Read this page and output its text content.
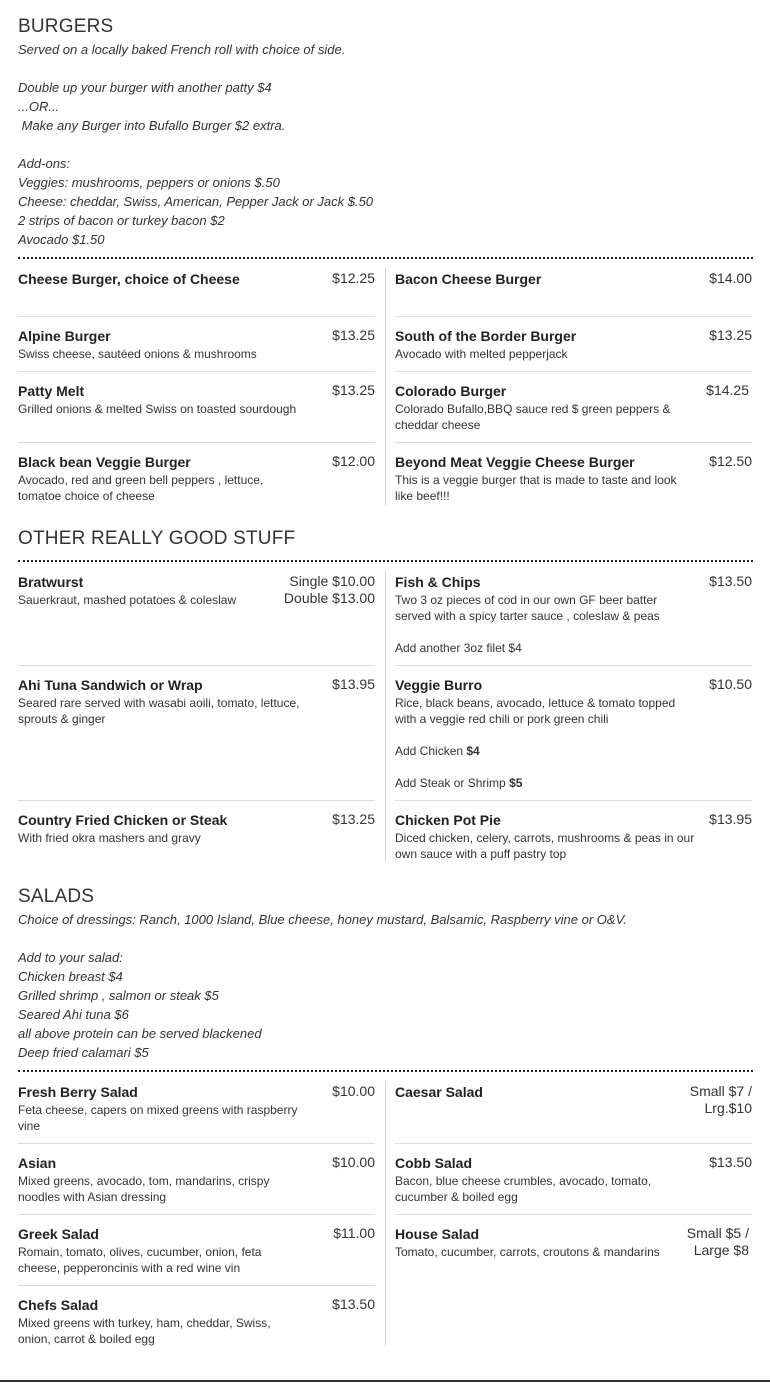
BURGERS
Served on a locally baked French roll with choice of side.
Double up your burger with another patty $4
...OR...
Make any Burger into Bufallo Burger $2 extra.
Add-ons:
Veggies: mushrooms, peppers or onions $.50
Cheese: cheddar, Swiss, American, Pepper Jack or Jack $.50
2 strips of bacon or turkey bacon $2
Avocado $1.50
Cheese Burger, choice of Cheese	$12.25 Bacon Cheese Burger	$14.00
Alpine Burger	$13.25
Swiss cheese, sautéed onions & mushrooms
South of the Border Burger	$13.25
Avocado with melted pepperjack
Patty Melt	$13.25
Grilled onions & melted Swiss on toasted sourdough
Colorado Burger	$14.25
Colorado Bufallo,BBQ sauce red $ green peppers & cheddar cheese
Black bean Veggie Burger	$12.00
Avocado, red and green bell peppers , lettuce, tomatoe choice of cheese
Beyond Meat Veggie Cheese Burger	$12.50
This is a veggie burger that is made to taste and look like beef!!!
OTHER REALLY GOOD STUFF
Bratwurst	Single $10.00
Double $13.00
Sauerkraut, mashed potatoes & coleslaw
Fish & Chips	$13.50
Two 3 oz pieces of cod in our own GF beer batter served with a spicy tarter sauce , coleslaw & peas
Add another 3oz filet $4
Ahi Tuna Sandwich or Wrap	$13.95
Seared rare served with wasabi aoili, tomato, lettuce, sprouts & ginger
Veggie Burro	$10.50
Rice, black beans, avocado, lettuce & tomato topped with a veggie red chili or pork green chili
Add Chicken $4
Add Steak or Shrimp $5
Country Fried Chicken or Steak	$13.25
With fried okra mashers and gravy
Chicken Pot Pie	$13.95
Diced chicken, celery, carrots, mushrooms & peas in our own sauce with a puff pastry top
SALADS
Choice of dressings: Ranch, 1000 Island, Blue cheese, honey mustard, Balsamic, Raspberry vine or O&V.
Add to your salad:
Chicken breast $4
Grilled shrimp , salmon or steak $5
Seared Ahi tuna $6
all above protein can be served blackened
Deep fried calamari $5
Fresh Berry Salad	$10.00
Feta cheese, capers on mixed greens with raspberry vine
Caesar Salad	Small $7 /
Lrg.$10
Asian	$10.00
Mixed greens, avocado, tom, mandarins, crispy noodles with Asian dressing
Cobb Salad	$13.50
Bacon, blue cheese crumbles, avocado, tomato, cucumber & boiled egg
Greek Salad	$11.00
Romain, tomato, olives, cucumber, onion, feta cheese, pepperoncinis with a red wine vin
House Salad	Small $5 /
Large $8
Tomato, cucumber, carrots, croutons & mandarins
Chefs Salad	$13.50
Mixed greens with turkey, ham, cheddar, Swiss, onion, carrot & boiled egg
